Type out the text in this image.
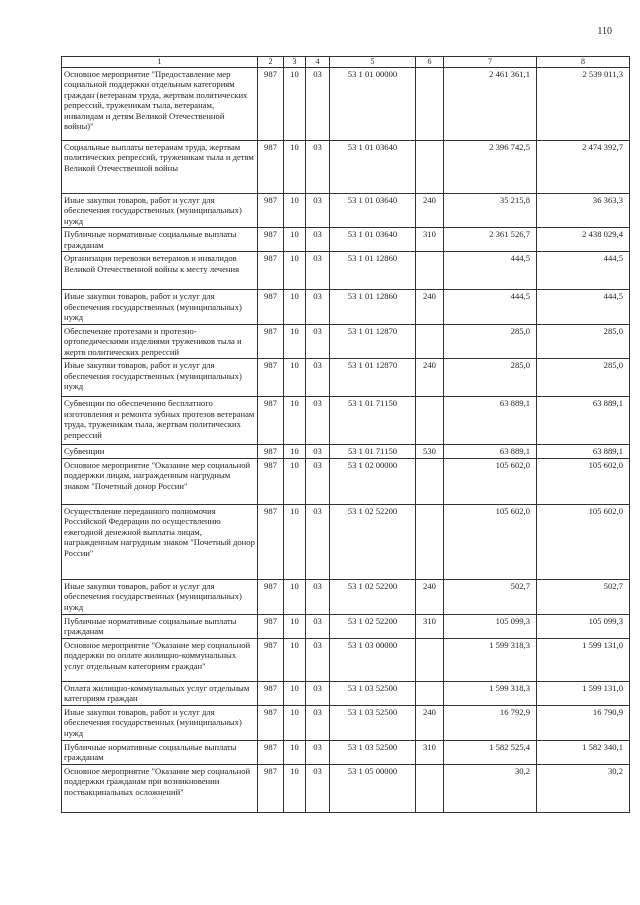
110
1	2	3	4	5	6	7	8
Основное мероприятие "Предоставление мер социальной поддержки отдельным категориям граждан (ветеранам труда, жертвам политических репрессий, труженикам тыла, ветеранам, инвалидам и детям Великой Отечественной войны)"	987	10	03	53 1 01 00000		2 461 361,1	2 539 011,3
Социальные выплаты ветеранам труда, жертвам политических репрессий, труженикам тыла и детям Великой Отечественной войны	987	10	03	53 1 01 03640		2 396 742,5	2 474 392,7
Иные закупки товаров, работ и услуг для обеспечения государственных (муниципальных) нужд	987	10	03	53 1 01 03640	240	35 215,8	36 363,3
Публичные нормативные социальные выплаты гражданам	987	10	03	53 1 01 03640	310	2 361 526,7	2 438 029,4
Организация перевозки ветеранов и инвалидов Великой Отечественной войны к месту лечения	987	10	03	53 1 01 12860		444,5	444,5
Иные закупки товаров, работ и услуг для обеспечения государственных (муниципальных) нужд	987	10	03	53 1 01 12860	240	444,5	444,5
Обеспечение протезами и протезно-ортопедическими изделиями тружеников тыла и жертв политических репрессий	987	10	03	53 1 01 12870		285,0	285,0
Иные закупки товаров, работ и услуг для обеспечения государственных (муниципальных) нужд	987	10	03	53 1 01 12870	240	285,0	285,0
Субвенции по обеспечению бесплатного изготовления и ремонта зубных протезов ветеранам труда, труженикам тыла, жертвам политических репрессий	987	10	03	53 1 01 71150		63 889,1	63 889,1
Субвенции	987	10	03	53 1 01 71150	530	63 889,1	63 889,1
Основное мероприятие "Оказание мер социальной поддержки лицам, награжденным нагрудным знаком "Почетный донор России"	987	10	03	53 1 02 00000		105 602,0	105 602,0
Осуществление переданного полномочия Российской Федерации по осуществлению ежегодной денежной выплаты лицам, награжденным нагрудным знаком "Почетный донор России"	987	10	03	53 1 02 52200		105 602,0	105 602,0
Иные закупки товаров, работ и услуг для обеспечения государственных (муниципальных) нужд	987	10	03	53 1 02 52200	240	502,7	502,7
Публичные нормативные социальные выплаты гражданам	987	10	03	53 1 02 52200	310	105 099,3	105 099,3
Основное мероприятие "Оказание мер социальной поддержки по оплате жилищно-коммунальных услуг отдельным категориям граждан"	987	10	03	53 1 03 00000		1 599 318,3	1 599 131,0
Оплата жилищно-коммунальных услуг отдельным категориям граждан	987	10	03	53 1 03 52500		1 599 318,3	1 599 131,0
Иные закупки товаров, работ и услуг для обеспечения государственных (муниципальных) нужд	987	10	03	53 1 03 52500	240	16 792,9	16 790,9
Публичные нормативные социальные выплаты гражданам	987	10	03	53 1 03 52500	310	1 582 525,4	1 582 340,1
Основное мероприятие "Оказание мер социальной поддержки гражданам при возникновении поствакцинальных осложнений"	987	10	03	53 1 05 00000		30,2	30,2
